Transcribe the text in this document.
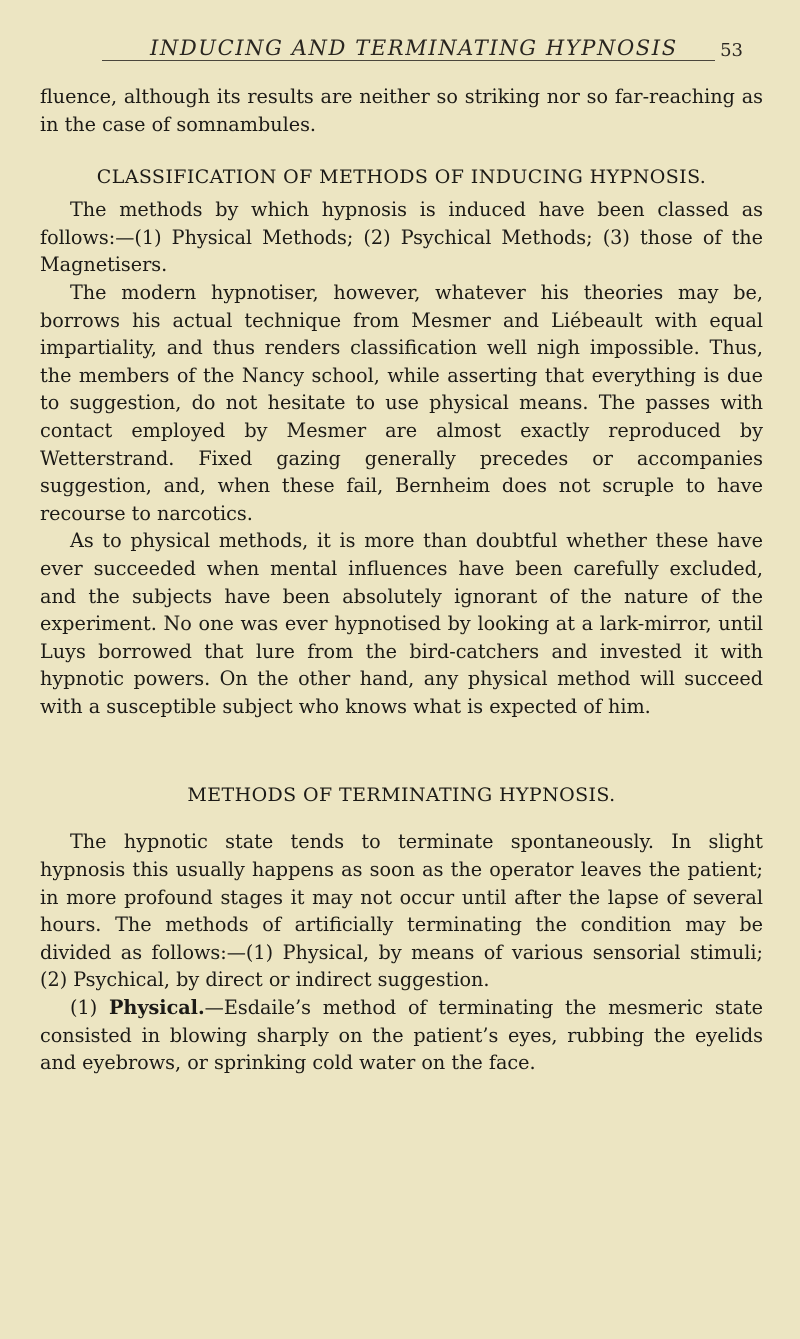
INDUCING AND TERMINATING HYPNOSIS 53

fluence, although its results are neither so striking nor so far-reaching as in the case of somnambules.

CLASSIFICATION OF METHODS OF INDUCING HYPNOSIS.

The methods by which hypnosis is induced have been classed as follows:—(1) Physical Methods; (2) Psychical Methods; (3) those of the Magnetisers.

The modern hypnotiser, however, whatever his theories may be, borrows his actual technique from Mesmer and Liébeault with equal impartiality, and thus renders classification well nigh impossible. Thus, the members of the Nancy school, while asserting that everything is due to suggestion, do not hesitate to use physical means. The passes with contact employed by Mesmer are almost exactly reproduced by Wetterstrand. Fixed gazing generally precedes or accompanies suggestion, and, when these fail, Bernheim does not scruple to have recourse to narcotics.

As to physical methods, it is more than doubtful whether these have ever succeeded when mental influences have been carefully excluded, and the subjects have been absolutely ignorant of the nature of the experiment. No one was ever hypnotised by looking at a lark-mirror, until Luys borrowed that lure from the bird-catchers and invested it with hypnotic powers. On the other hand, any physical method will succeed with a susceptible subject who knows what is expected of him.

METHODS OF TERMINATING HYPNOSIS.

The hypnotic state tends to terminate spontaneously. In slight hypnosis this usually happens as soon as the operator leaves the patient; in more profound stages it may not occur until after the lapse of several hours. The methods of artificially terminating the condition may be divided as follows:—(1) Physical, by means of various sensorial stimuli; (2) Psychical, by direct or indirect suggestion.

(1) Physical.—Esdaile’s method of terminating the mesmeric state consisted in blowing sharply on the patient’s eyes, rubbing the eyelids and eyebrows, or sprinking cold water on the face.
